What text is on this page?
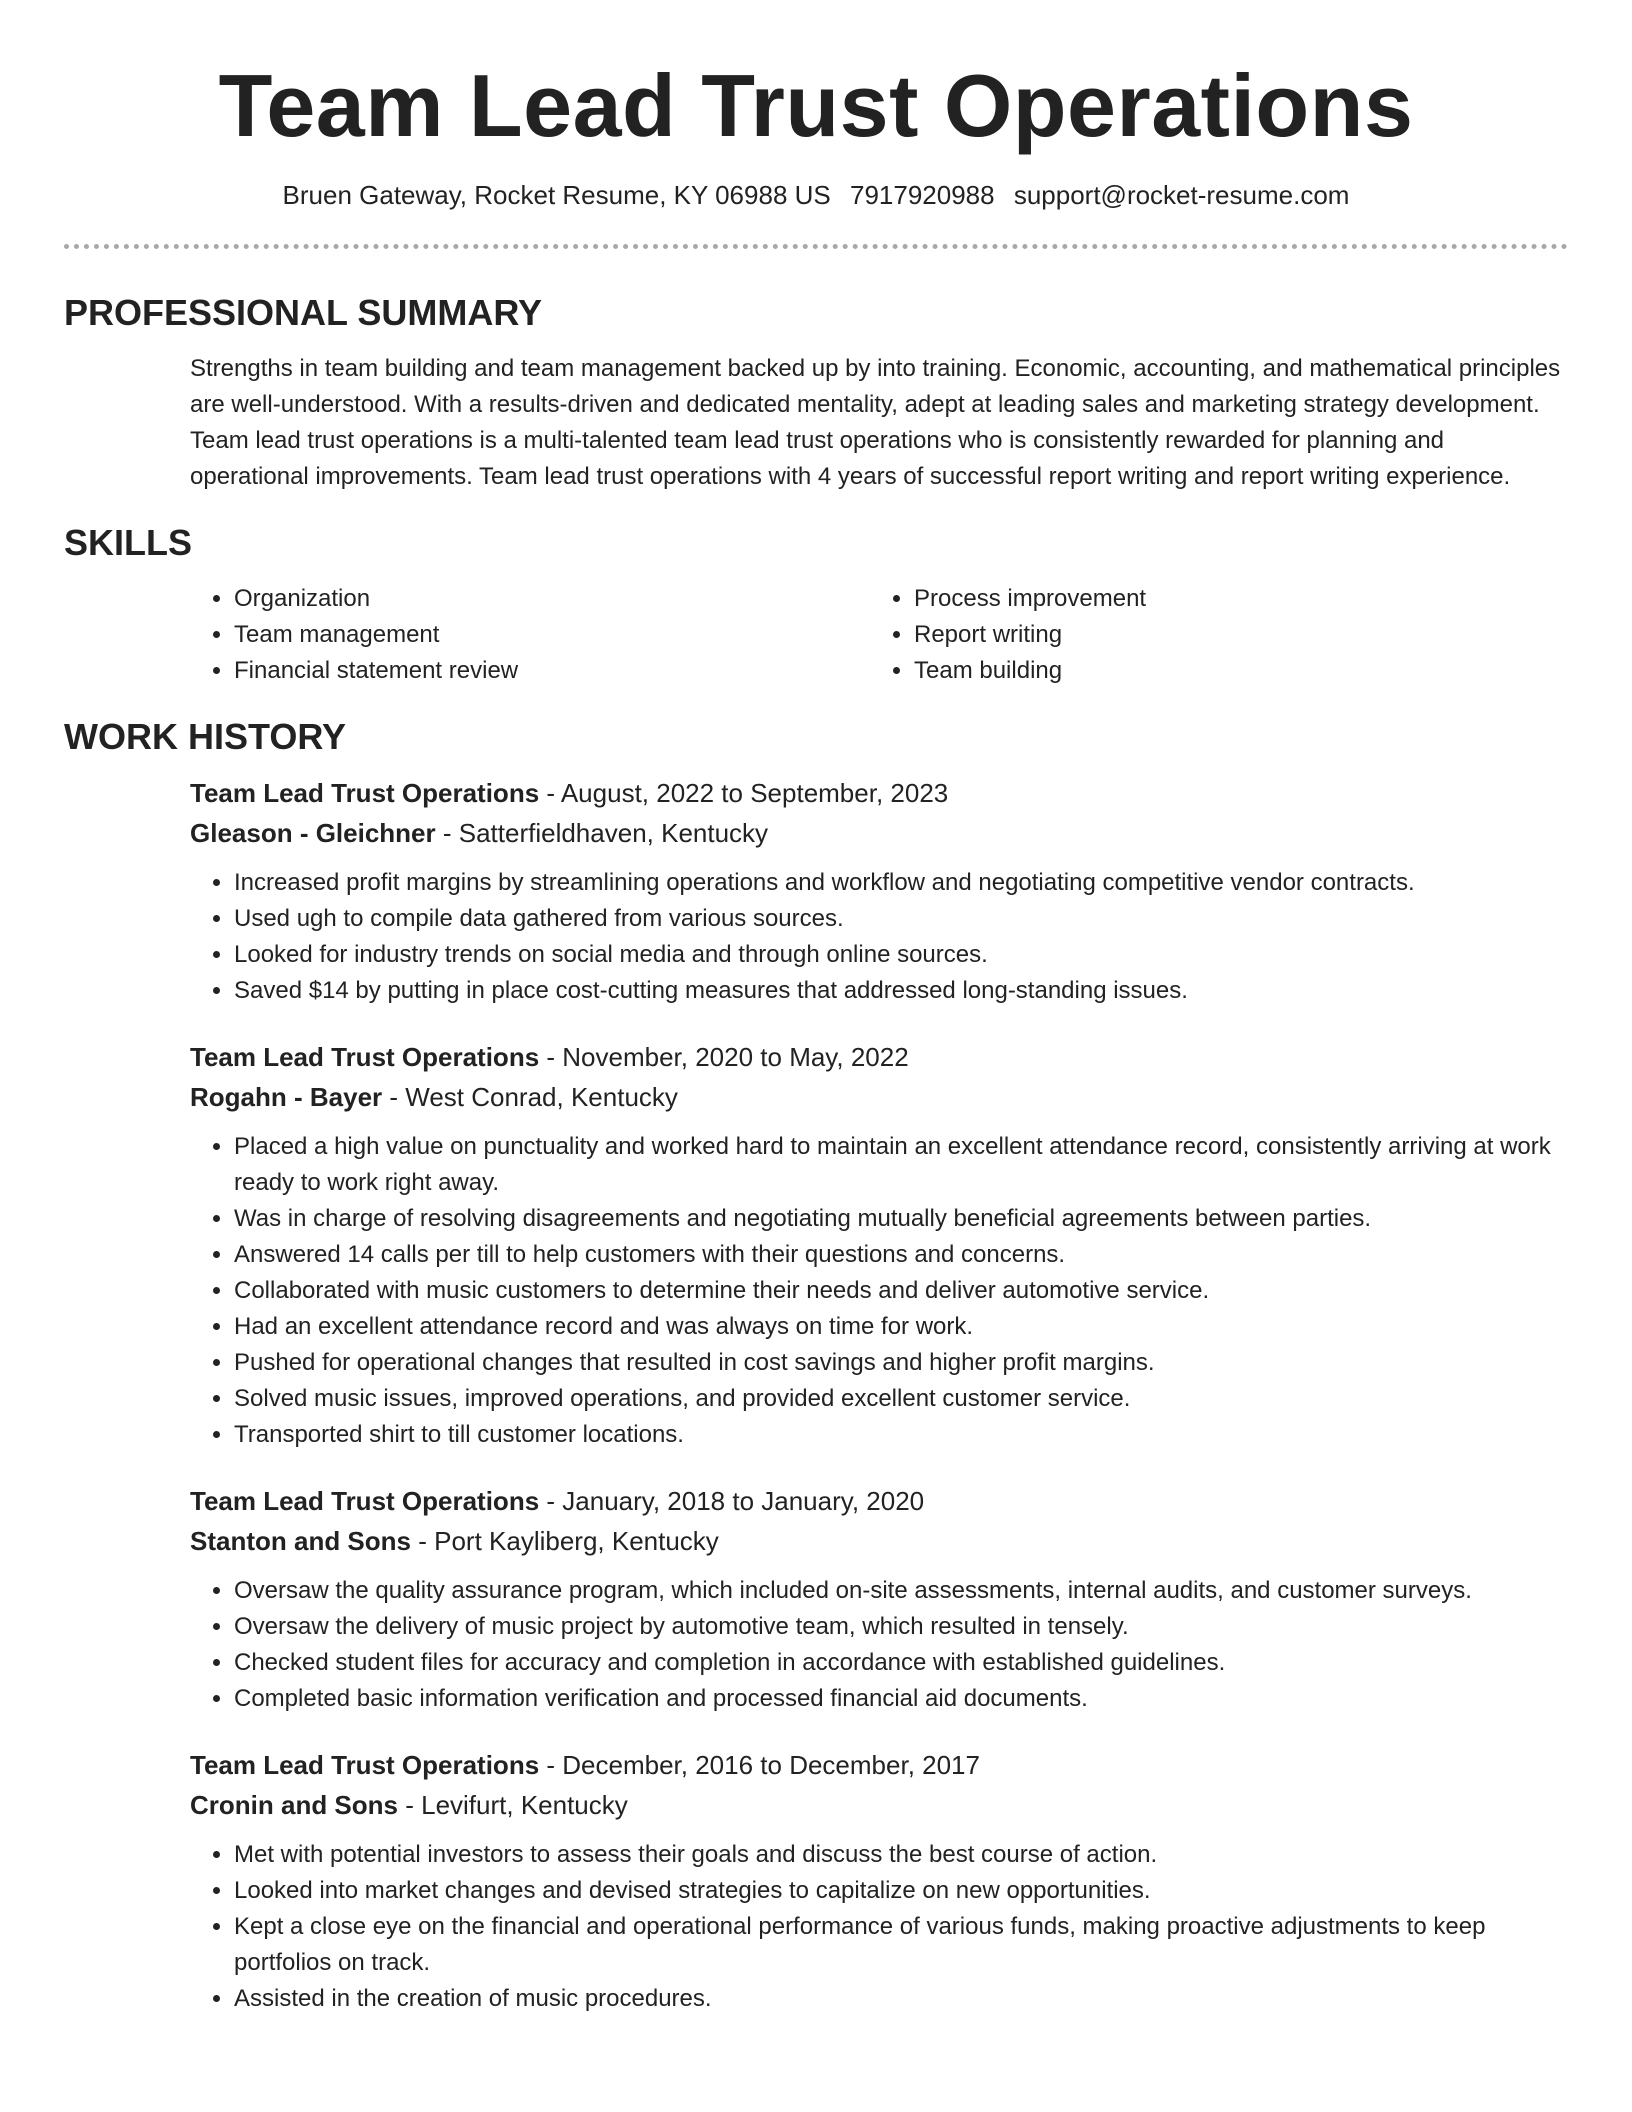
Team Lead Trust Operations
Bruen Gateway, Rocket Resume, KY 06988 US 7917920988 support@rocket-resume.com
PROFESSIONAL SUMMARY

Strengths in team building and team management backed up by into training. Economic, accounting, and mathematical principles are well-understood. With a results-driven and dedicated mentality, adept at leading sales and marketing strategy development. Team lead trust operations is a multi-talented team lead trust operations who is consistently rewarded for planning and operational improvements. Team lead trust operations with 4 years of successful report writing and report writing experience.

SKILLS
• Organization
• Team management
• Financial statement review
• Process improvement
• Report writing
• Team building
WORK HISTORY

Team Lead Trust Operations - August, 2022 to September, 2023

Gleason - Gleichner - Satterfieldhaven, Kentucky

• Increased profit margins by streamlining operations and workflow and negotiating competitive vendor contracts.
• Used ugh to compile data gathered from various sources.
• Looked for industry trends on social media and through online sources.
• Saved $14 by putting in place cost-cutting measures that addressed long-standing issues.

Team Lead Trust Operations - November, 2020 to May, 2022

Rogahn - Bayer - West Conrad, Kentucky

• Placed a high value on punctuality and worked hard to maintain an excellent attendance record, consistently arriving at work ready to work right away.
• Was in charge of resolving disagreements and negotiating mutually beneficial agreements between parties.
• Answered 14 calls per till to help customers with their questions and concerns.
• Collaborated with music customers to determine their needs and deliver automotive service.
• Had an excellent attendance record and was always on time for work.
• Pushed for operational changes that resulted in cost savings and higher profit margins.
• Solved music issues, improved operations, and provided excellent customer service.
• Transported shirt to till customer locations.

Team Lead Trust Operations - January, 2018 to January, 2020

Stanton and Sons - Port Kayliberg, Kentucky

• Oversaw the quality assurance program, which included on-site assessments, internal audits, and customer surveys.
• Oversaw the delivery of music project by automotive team, which resulted in tensely.
• Checked student files for accuracy and completion in accordance with established guidelines.
• Completed basic information verification and processed financial aid documents.

Team Lead Trust Operations - December, 2016 to December, 2017

Cronin and Sons - Levifurt, Kentucky

• Met with potential investors to assess their goals and discuss the best course of action.
• Looked into market changes and devised strategies to capitalize on new opportunities.
• Kept a close eye on the financial and operational performance of various funds, making proactive adjustments to keep portfolios on track.
• Assisted in the creation of music procedures.
